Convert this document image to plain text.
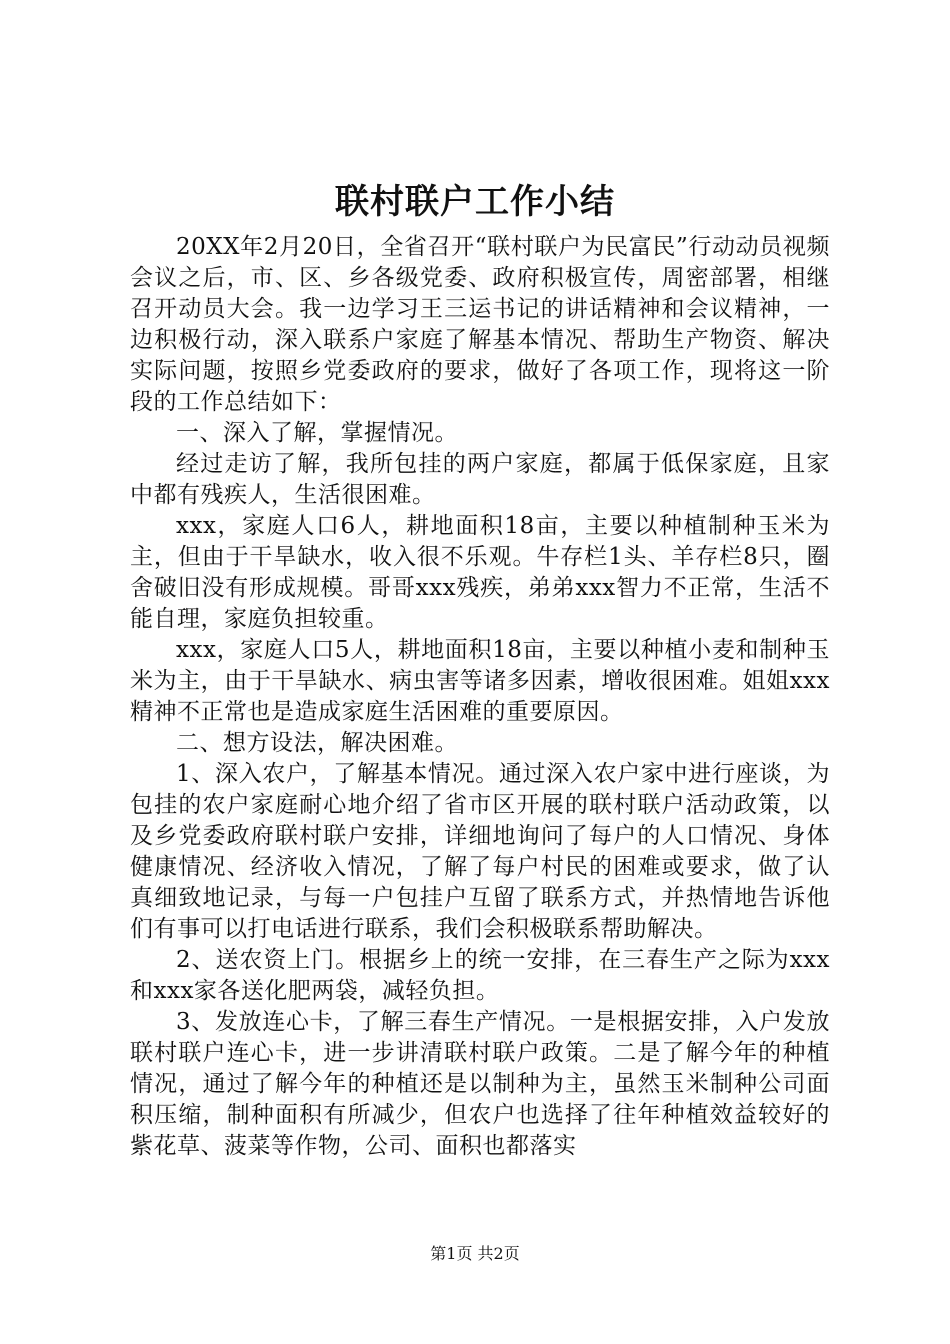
联村联户工作小结

20XX年2月20日，全省召开“联村联户为民富民”行动动员视频会议之后，市、区、乡各级党委、政府积极宣传，周密部署，相继召开动员大会。我一边学习王三运书记的讲话精神和会议精神，一边积极行动，深入联系户家庭了解基本情况、帮助生产物资、解决实际问题，按照乡党委政府的要求，做好了各项工作，现将这一阶段的工作总结如下：

一、深入了解，掌握情况。

经过走访了解，我所包挂的两户家庭，都属于低保家庭，且家中都有残疾人，生活很困难。

xxx，家庭人口6人，耕地面积18亩，主要以种植制种玉米为主，但由于干旱缺水，收入很不乐观。牛存栏1头、羊存栏8只，圈舍破旧没有形成规模。哥哥xxx残疾，弟弟xxx智力不正常，生活不能自理，家庭负担较重。

xxx，家庭人口5人，耕地面积18亩，主要以种植小麦和制种玉米为主，由于干旱缺水、病虫害等诸多因素，增收很困难。姐姐xxx精神不正常也是造成家庭生活困难的重要原因。

二、想方设法，解决困难。

1、深入农户，了解基本情况。通过深入农户家中进行座谈，为包挂的农户家庭耐心地介绍了省市区开展的联村联户活动政策，以及乡党委政府联村联户安排，详细地询问了每户的人口情况、身体健康情况、经济收入情况，了解了每户村民的困难或要求，做了认真细致地记录，与每一户包挂户互留了联系方式，并热情地告诉他们有事可以打电话进行联系，我们会积极联系帮助解决。

2、送农资上门。根据乡上的统一安排，在三春生产之际为xxx和xxx家各送化肥两袋，减轻负担。

3、发放连心卡，了解三春生产情况。一是根据安排，入户发放联村联户连心卡，进一步讲清联村联户政策。二是了解今年的种植情况，通过了解今年的种植还是以制种为主，虽然玉米制种公司面积压缩，制种面积有所减少，但农户也选择了往年种植效益较好的紫花草、菠菜等作物，公司、面积也都落实

第1页 共2页
